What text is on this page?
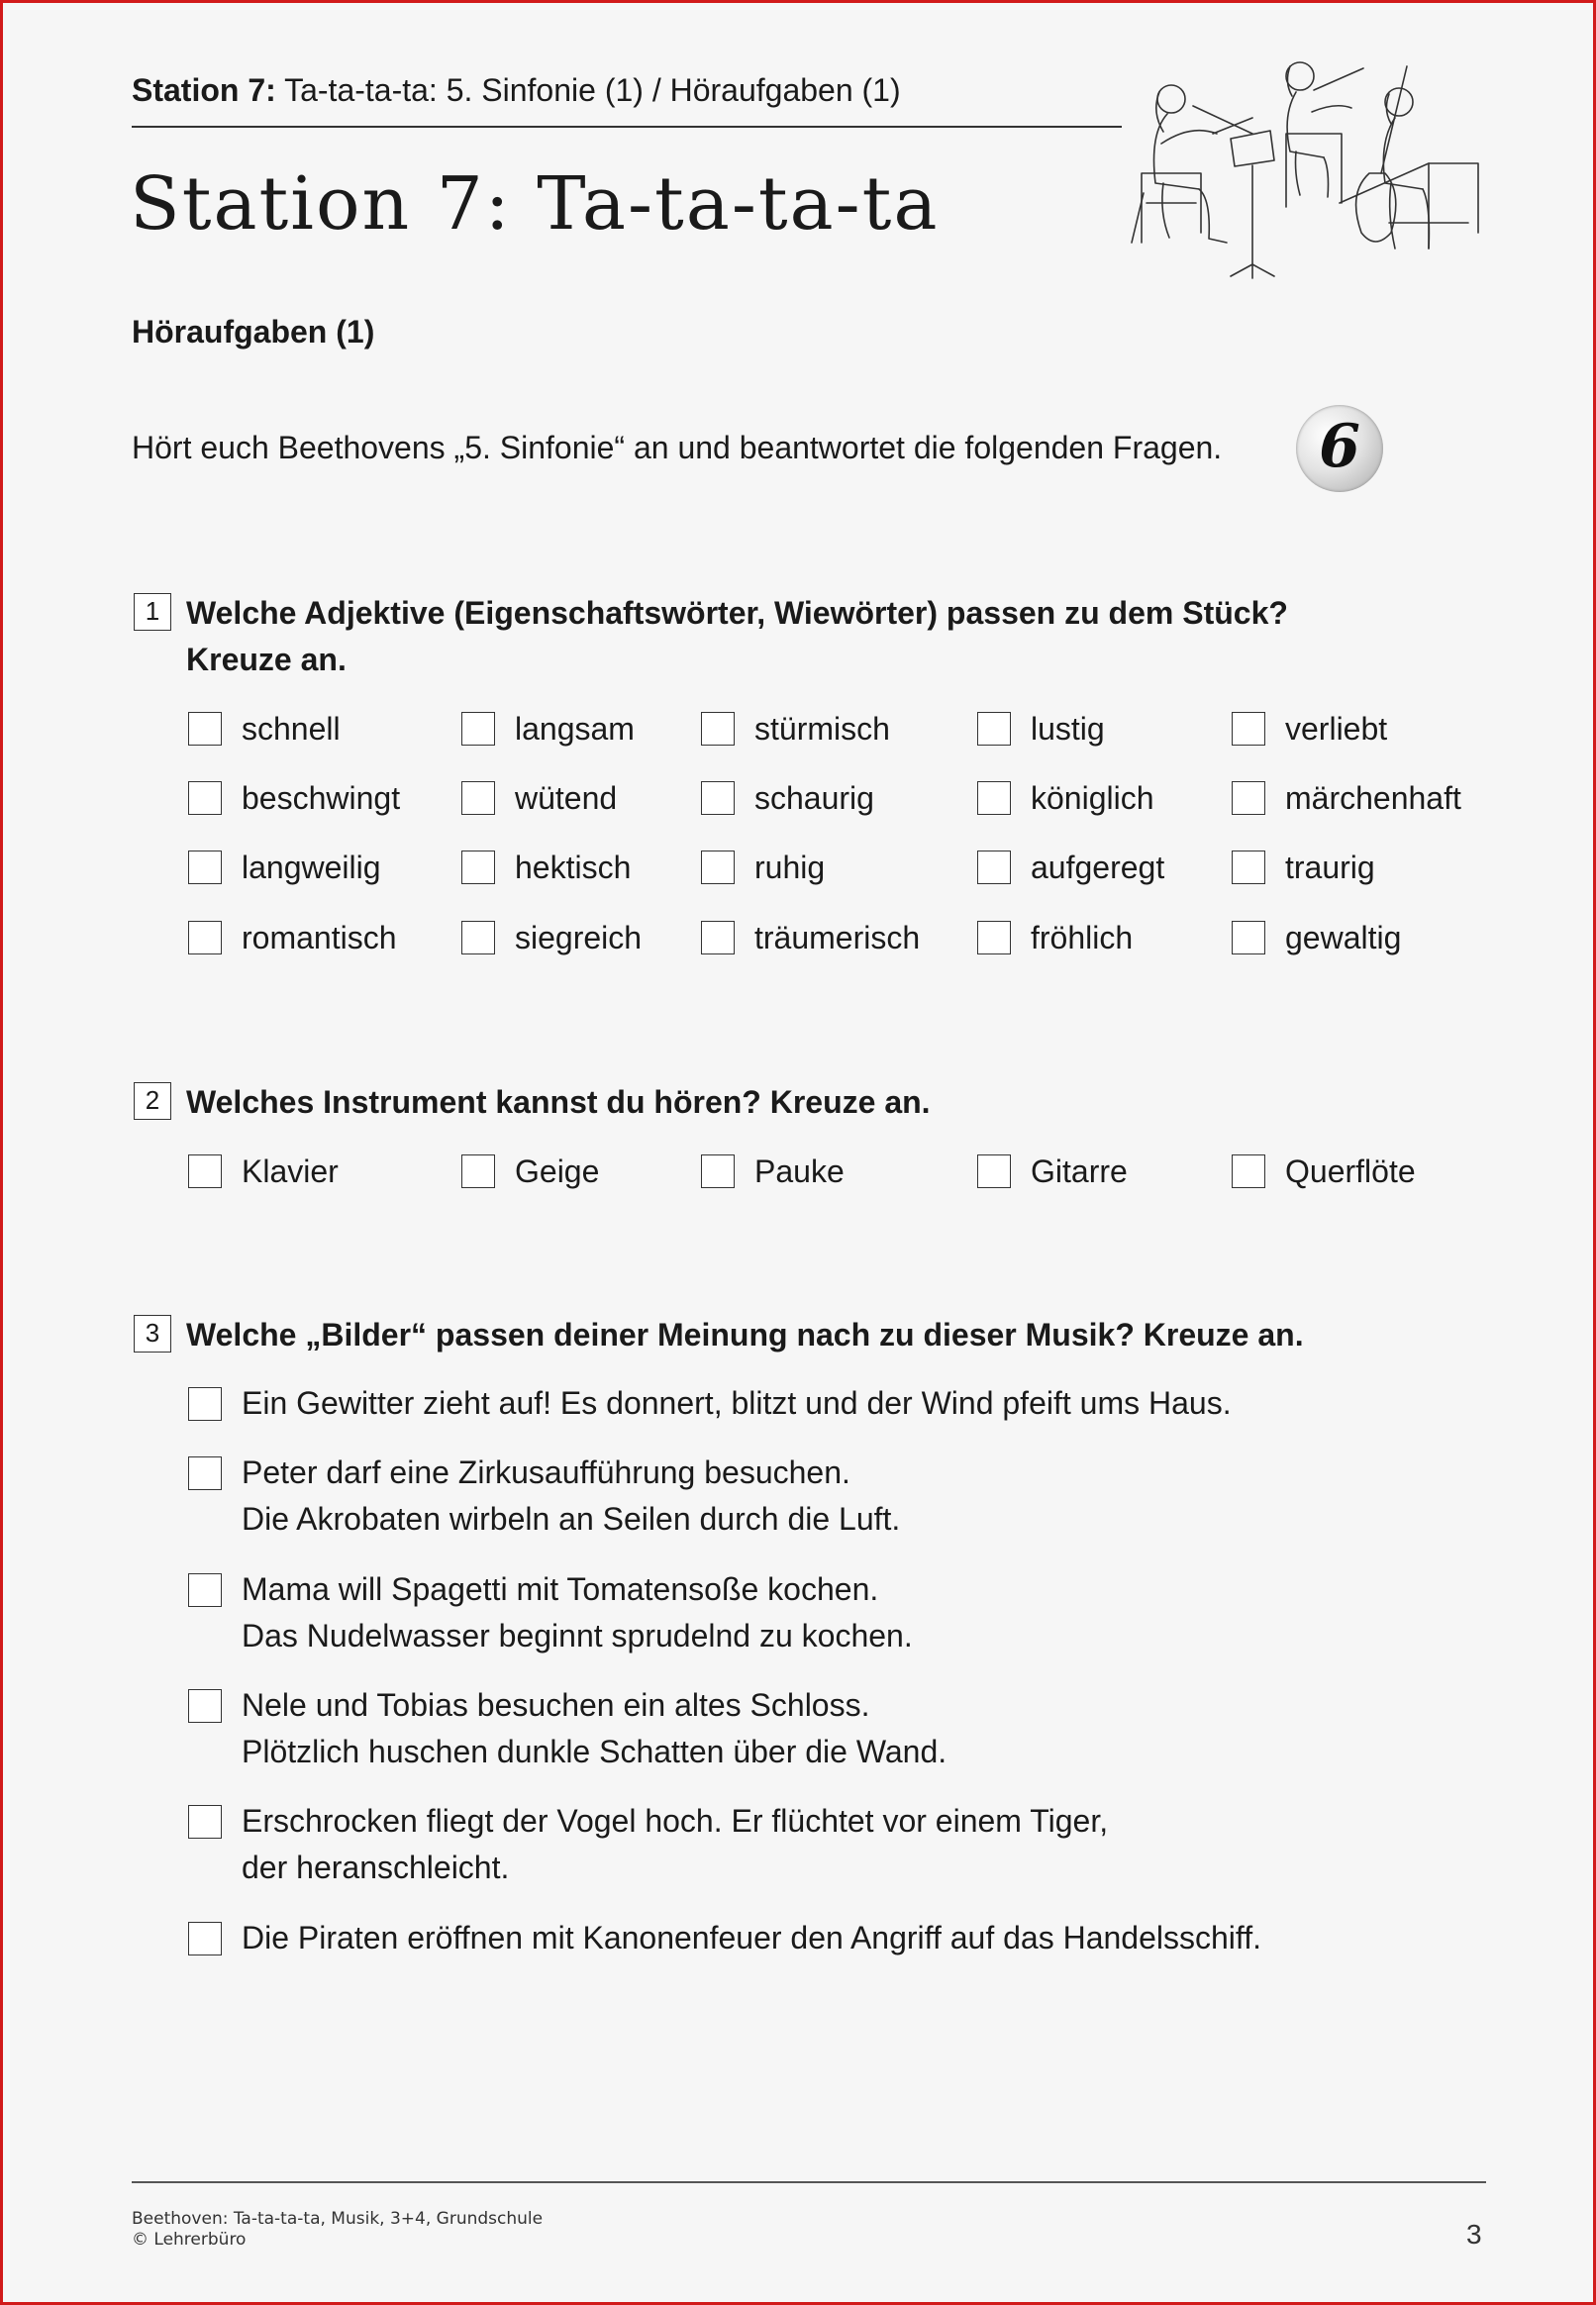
Station 7: Ta-ta-ta-ta: 5. Sinfonie (1) / Höraufgaben (1)
Station 7: Ta-ta-ta-ta
Höraufgaben (1)
Hört euch Beethovens „5. Sinfonie“ an und beantwortet die folgenden Fragen. 6
1 Welche Adjektive (Eigenschaftswörter, Wiewörter) passen zu dem Stück?
Kreuze an.
schnell	langsam	stürmisch	lustig	verliebt
beschwingt	wütend	schaurig	königlich	märchenhaft
langweilig	hektisch	ruhig	aufgeregt	traurig
romantisch	siegreich	träumerisch	fröhlich	gewaltig
2 Welches Instrument kannst du hören? Kreuze an.
Klavier	Geige	Pauke	Gitarre	Querflöte
3 Welche „Bilder“ passen deiner Meinung nach zu dieser Musik? Kreuze an.
Ein Gewitter zieht auf! Es donnert, blitzt und der Wind pfeift ums Haus.
Peter darf eine Zirkusaufführung besuchen.
Die Akrobaten wirbeln an Seilen durch die Luft.
Mama will Spagetti mit Tomatensoße kochen.
Das Nudelwasser beginnt sprudelnd zu kochen.
Nele und Tobias besuchen ein altes Schloss.
Plötzlich huschen dunkle Schatten über die Wand.
Erschrocken fliegt der Vogel hoch. Er flüchtet vor einem Tiger,
der heranschleicht.
Die Piraten eröffnen mit Kanonenfeuer den Angriff auf das Handelsschiff.
Beethoven: Ta-ta-ta-ta, Musik, 3+4, Grundschule
© Lehrerbüro	3
